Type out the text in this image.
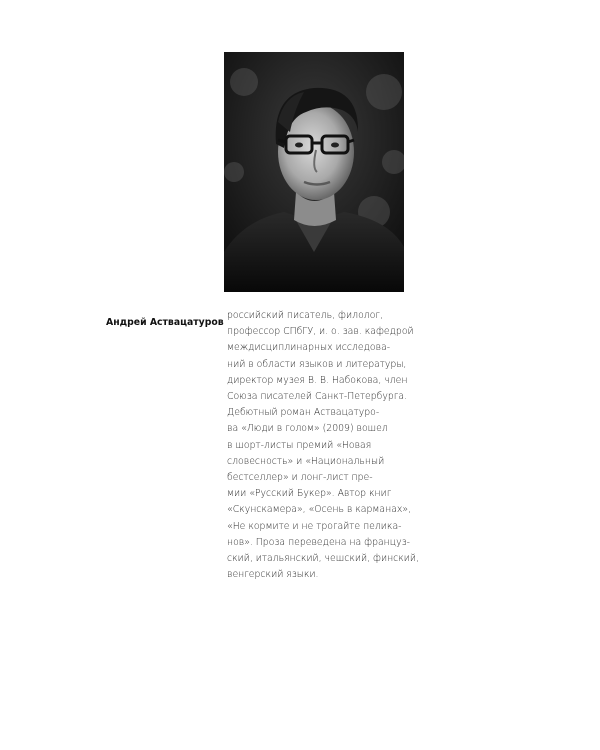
Андрей Аствацатуров
российский писатель, филолог,
профессор СПбГУ, и. о. зав. кафедрой
междисциплинарных исследова-
ний в области языков и литературы,
директор музея В. В. Набокова, член
Союза писателей Санкт-Петербурга.
Дебютный роман Аствацатуро-
ва «Люди в голом» (2009) вошел
в шорт-листы премий «Новая
словесность» и «Национальный
бестселлер» и лонг-лист пре-
мии «Русский Букер». Автор книг
«Скунскамера», «Осень в карманах»,
«Не кормите и не трогайте пелика-
нов». Проза переведена на француз-
ский, итальянский, чешский, финский,
венгерский языки.
